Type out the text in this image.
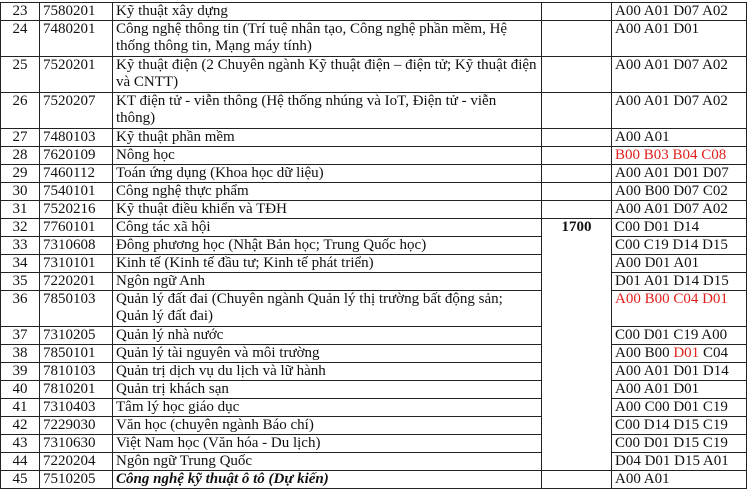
23	7580201	Kỹ thuật xây dựng		A00 A01 D07 A02
24	7480201	Công nghệ thông tin (Trí tuệ nhân tạo, Công nghệ phần mềm, Hệ thống thông tin, Mạng máy tính)		A00 A01 D01
25	7520201	Kỹ thuật điện (2 Chuyên ngành Kỹ thuật điện – điện tử; Kỹ thuật điện và CNTT)		A00 A01 D07 A02
26	7520207	KT điện tử - viễn thông (Hệ thống nhúng và IoT, Điện tử - viễn thông)		A00 A01 D07 A02
27	7480103	Kỹ thuật phần mềm		A00 A01
28	7620109	Nông học		B00 B03 B04 C08
29	7460112	Toán ứng dụng (Khoa học dữ liệu)		A00 A01 D01 D07
30	7540101	Công nghệ thực phẩm		A00 B00 D07 C02
31	7520216	Kỹ thuật điều khiển và TĐH		A00 A01 D07 A02
32	7760101	Công tác xã hội	1700	C00 D01 D14
33	7310608	Đông phương học (Nhật Bản học; Trung Quốc học)		C00 C19 D14 D15
34	7310101	Kinh tế (Kinh tế đầu tư; Kinh tế phát triển)		A00 D01 A01
35	7220201	Ngôn ngữ Anh		D01 A01 D14 D15
36	7850103	Quản lý đất đai (Chuyên ngành Quản lý thị trường bất động sản; Quản lý đất đai)		A00 B00 C04 D01
37	7310205	Quản lý nhà nước		C00 D01 C19 A00
38	7850101	Quản lý tài nguyên và môi trường		A00 B00 D01 C04
39	7810103	Quản trị dịch vụ du lịch và lữ hành		A00 A01 D01 D14
40	7810201	Quản trị khách sạn		A00 A01 D01
41	7310403	Tâm lý học giáo dục		A00 C00 D01 C19
42	7229030	Văn học (chuyên ngành Báo chí)		C00 D14 D15 C19
43	7310630	Việt Nam học (Văn hóa - Du lịch)		C00 D01 D15 C19
44	7220204	Ngôn ngữ Trung Quốc		D04 D01 D15 A01
45	7510205	Công nghệ kỹ thuật ô tô (Dự kiến)		A00 A01
